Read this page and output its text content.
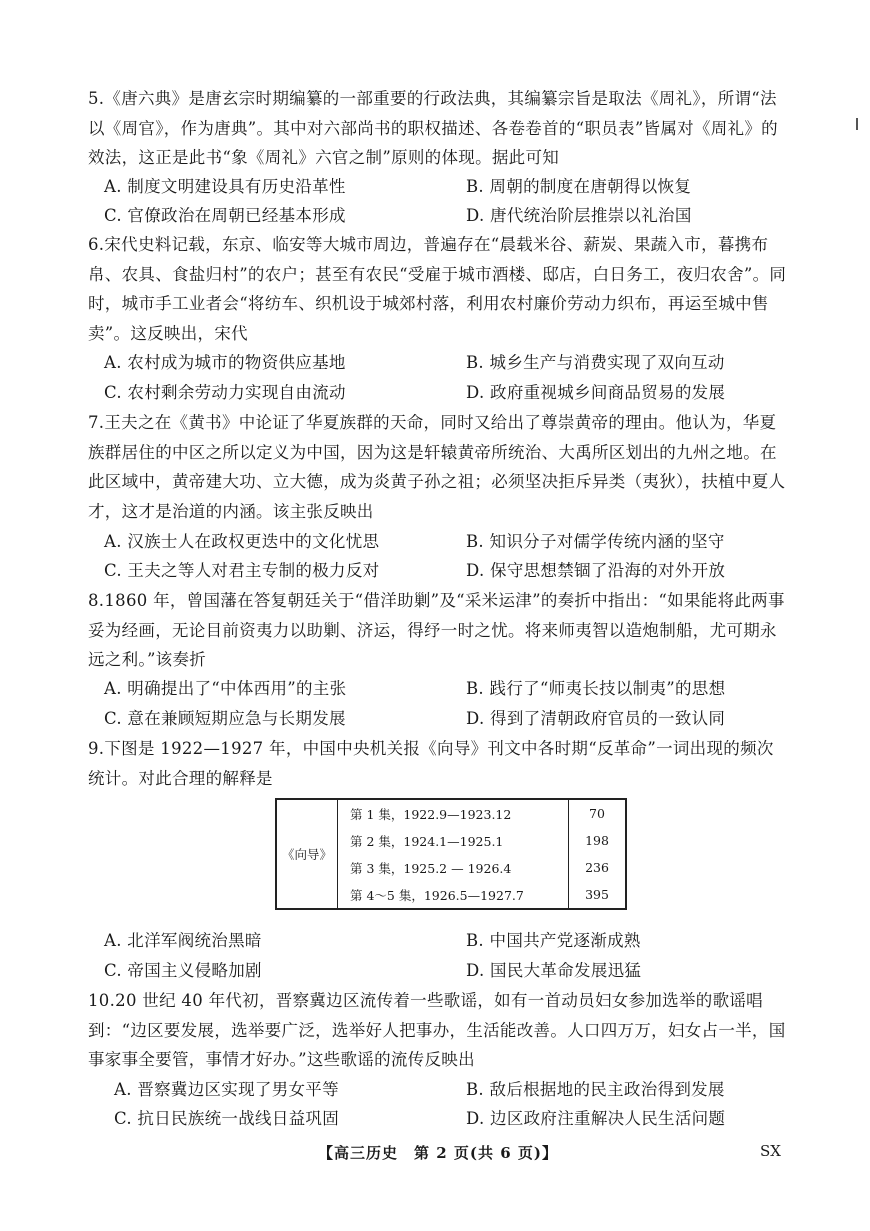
5.《唐六典》是唐玄宗时期编纂的一部重要的行政法典，其编纂宗旨是取法《周礼》，所谓“法以《周官》，作为唐典”。其中对六部尚书的职权描述、各卷卷首的“职员表”皆属对《周礼》的效法，这正是此书“象《周礼》六官之制”原则的体现。据此可知

A. 制度文明建设具有历史沿革性	B. 周朝的制度在唐朝得以恢复
C. 官僚政治在周朝已经基本形成	D. 唐代统治阶层推崇以礼治国

6.宋代史料记载，东京、临安等大城市周边，普遍存在“晨载米谷、薪炭、果蔬入市，暮携布帛、农具、食盐归村”的农户；甚至有农民“受雇于城市酒楼、邸店，白日务工，夜归农舍”。同时，城市手工业者会“将纺车、织机设于城郊村落，利用农村廉价劳动力织布，再运至城中售卖”。这反映出，宋代

A. 农村成为城市的物资供应基地	B. 城乡生产与消费实现了双向互动
C. 农村剩余劳动力实现自由流动	D. 政府重视城乡间商品贸易的发展

7.王夫之在《黄书》中论证了华夏族群的天命，同时又给出了尊崇黄帝的理由。他认为，华夏族群居住的中区之所以定义为中国，因为这是轩辕黄帝所统治、大禹所区划出的九州之地。在此区域中，黄帝建大功、立大德，成为炎黄子孙之祖；必须坚决拒斥异类（夷狄），扶植中夏人才，这才是治道的内涵。该主张反映出

A. 汉族士人在政权更迭中的文化忧思	B. 知识分子对儒学传统内涵的坚守
C. 王夫之等人对君主专制的极力反对	D. 保守思想禁锢了沿海的对外开放

8.1860 年，曾国藩在答复朝廷关于“借洋助剿”及“采米运津”的奏折中指出：“如果能将此两事妥为经画，无论目前资夷力以助剿、济运，得纾一时之忧。将来师夷智以造炮制船，尤可期永远之利。”该奏折

A. 明确提出了“中体西用”的主张	B. 践行了“师夷长技以制夷”的思想
C. 意在兼顾短期应急与长期发展	D. 得到了清朝政府官员的一致认同

9.下图是 1922—1927 年，中国中央机关报《向导》刊文中各时期“反革命”一词出现的频次统计。对此合理的解释是

《向导》	第 1 集，1922.9—1923.12	70
	第 2 集，1924.1—1925.1	198
	第 3 集，1925.2 — 1926.4	236
	第 4～5 集，1926.5—1927.7	395
A. 北洋军阀统治黑暗	B. 中国共产党逐渐成熟
C. 帝国主义侵略加剧	D. 国民大革命发展迅猛

10.20 世纪 40 年代初，晋察冀边区流传着一些歌谣，如有一首动员妇女参加选举的歌谣唱到：“边区要发展，选举要广泛，选举好人把事办，生活能改善。人口四万万，妇女占一半，国事家事全要管，事情才好办。”这些歌谣的流传反映出

A. 晋察冀边区实现了男女平等	B. 敌后根据地的民主政治得到发展
C. 抗日民族统一战线日益巩固	D. 边区政府注重解决人民生活问题
【高三历史　第 2 页(共 6 页)】	SX
